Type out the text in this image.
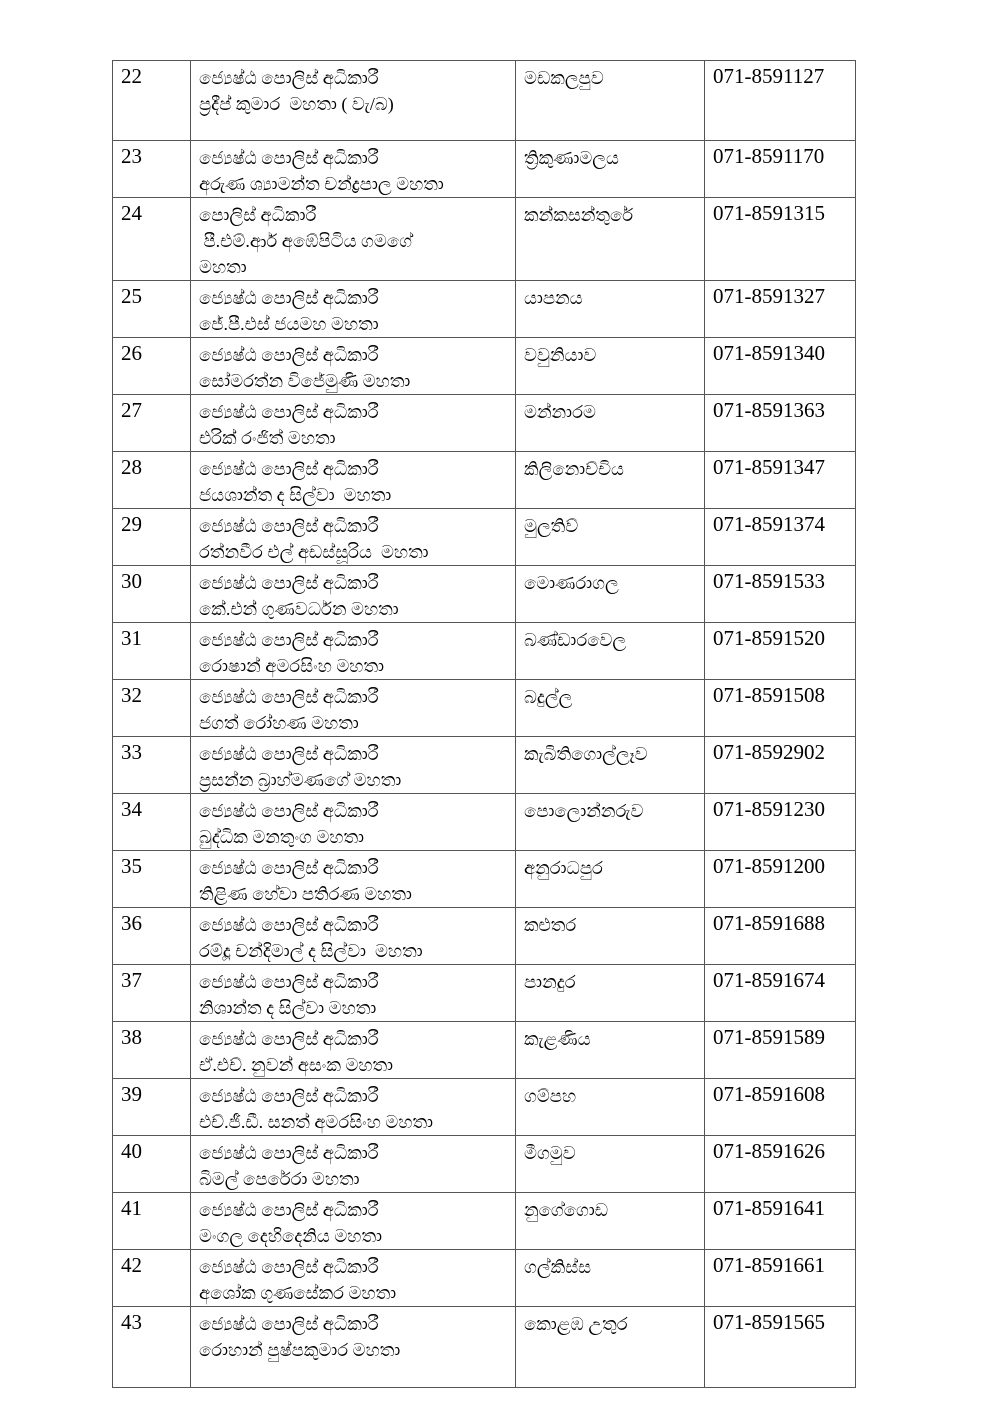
22	ජ්‍යෙෂ්ඨ පොලිස් අධිකාරී
ප්‍රදීප් කුමාර  මහතා ( වැ/බ)	මඩකලපුව	071-8591127

23	ජ්‍යෙෂ්ඨ පොලිස් අධිකාරී
අරුණ ශ්‍යාමන්ත චන්ද්‍රපාල මහතා	ත්‍රිකුණාමලය	071-8591170

24	පොලිස් අධිකාරී
පී.එම්.ආර් අඹේපිටිය ගමගේ
මහතා	කන්කසන්තුරේ	071-8591315

25	ජ්‍යෙෂ්ඨ පොලිස් අධිකාරී
ජේ.පී.එස් ජයමහ මහතා	යාපනය	071-8591327

26	ජ්‍යෙෂ්ඨ පොලිස් අධිකාරී
සෝමරත්න විජේමුණි මහතා	වවුනියාව	071-8591340

27	ජ්‍යෙෂ්ඨ පොලිස් අධිකාරී
එරික් රංජිත් මහතා	මන්නාරම	071-8591363

28	ජ්‍යෙෂ්ඨ පොලිස් අධිකාරී
ජයශාන්ත ද සිල්වා  මහතා	කිලිනොච්චිය	071-8591347

29	ජ්‍යෙෂ්ඨ පොලිස් අධිකාරී
රත්නවීර එල් අඩස්සූරිය  මහතා	මුලතිව්	071-8591374

30	ජ්‍යෙෂ්ඨ පොලිස් අධිකාරී
කේ.එන් ගුණවර්ධන මහතා	මොණරාගල	071-8591533

31	ජ්‍යෙෂ්ඨ පොලිස් අධිකාරී
රොෂාන් අමරසිංහ මහතා	බණ්ඩාරවෙල	071-8591520

32	ජ්‍යෙෂ්ඨ පොලිස් අධිකාරී
ජගත් රෝහණ මහතා	බදුල්ල	071-8591508

33	ජ්‍යෙෂ්ඨ පොලිස් අධිකාරී
ප්‍රසන්න බ්‍රාහ්මණගේ මහතා	කැබිතිගොල්ලෑව	071-8592902

34	ජ්‍යෙෂ්ඨ පොලිස් අධිකාරී
බුද්ධික මනතුංග මහතා	පොලොන්නරුව	071-8591230

35	ජ්‍යෙෂ්ඨ පොලිස් අධිකාරී
තිළිණ හේවා පතිරණ මහතා	අනුරාධපුර	071-8591200

36	ජ්‍යෙෂ්ඨ පොලිස් අධිකාරී
රම්දූ චන්දිමාල් ද සිල්වා  මහතා	කළුතර	071-8591688

37	ජ්‍යෙෂ්ඨ පොලිස් අධිකාරී
නිශාන්ත ද සිල්වා මහතා	පානදුර	071-8591674

38	ජ්‍යෙෂ්ඨ පොලිස් අධිකාරී
ඒ.එච්. නුවන් අසංක මහතා	කැළණිය	071-8591589

39	ජ්‍යෙෂ්ඨ පොලිස් අධිකාරී
එච්.ජී.ඩී. සනත් අමරසිංහ මහතා	ගම්පහ	071-8591608

40	ජ්‍යෙෂ්ඨ පොලිස් අධිකාරී
බිමල් පෙරේරා මහතා	මීගමුව	071-8591626

41	ජ්‍යෙෂ්ඨ පොලිස් අධිකාරී
මංගල දෙහිදෙනිය මහතා	නුගේගොඩ	071-8591641

42	ජ්‍යෙෂ්ඨ පොලිස් අධිකාරී
අශෝක ගුණසේකර මහතා	ගල්කිස්ස	071-8591661

43	ජ්‍යෙෂ්ඨ පොලිස් අධිකාරී
රොහාන් පුෂ්පකුමාර මහතා	කොළඹ උතුර	071-8591565
